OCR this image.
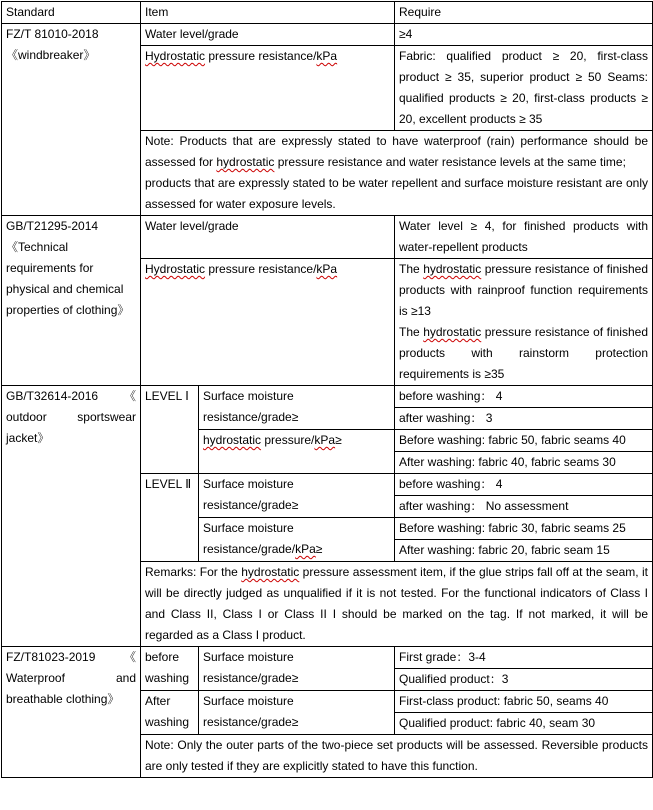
Standard	Item		Require
FZ/T 81010-2018《windbreaker》	Water level/grade		≥4
	Hydrostatic pressure resistance/kPa		Fabric: qualified product ≥ 20, first-class product ≥ 35, superior product ≥ 50 Seams: qualified products ≥ 20, first-class products ≥ 20, excellent products ≥ 35

	Note: Products that are expressly stated to have waterproof (rain) performance should be assessed for hydrostatic pressure resistance and water resistance levels at the same time;
products that are expressly stated to be water repellent and surface moisture resistant are only assessed for water exposure levels.		

GB/T21295-2014《Technical requirements for physical and chemical properties of clothing》	Water level/grade		Water level ≥ 4, for finished products with water-repellent products
	Hydrostatic pressure resistance/kPa		The hydrostatic pressure resistance of finished products with rainproof function requirements is ≥13
The hydrostatic pressure resistance of finished products with rainstorm protection requirements is ≥35

GB/T32614-2016《 outdoor sportswear jacket》	LEVEL Ⅰ	Surface moisture resistance/grade≥	before washing： 4
			after washing： 3
		hydrostatic pressure/kPa≥	Before washing: fabric 50, fabric seams 40
			After washing: fabric 40, fabric seams 30
	LEVEL Ⅱ	Surface moisture resistance/grade≥	before washing： 4
			after washing： No assessment
		Surface moisture resistance/grade/kPa≥	Before washing: fabric 30, fabric seams 25
			After washing: fabric 20, fabric seam 15
	Remarks: For the hydrostatic pressure assessment item, if the glue strips fall off at the seam, it will be directly judged as unqualified if it is not tested. For the functional indicators of Class I and Class II, Class I or Class II I should be marked on the tag. If not marked, it will be regarded as a Class I product.		
FZ/T81023-2019《 Waterproof and breathable clothing》	before washing	Surface moisture resistance/grade≥	First grade：3-4
			Qualified product：3
	After washing	Surface moisture resistance/grade≥	First-class product: fabric 50, seams 40
			Qualified product: fabric 40, seam 30
	Note: Only the outer parts of the two-piece set products will be assessed. Reversible products are only tested if they are explicitly stated to have this function.		
